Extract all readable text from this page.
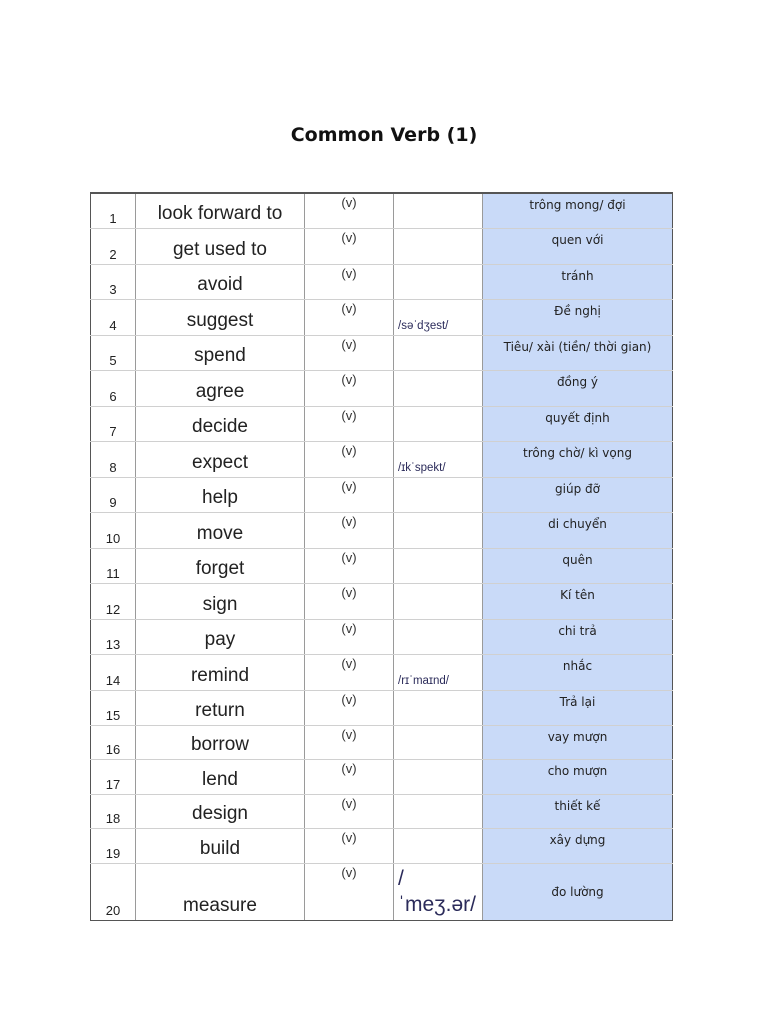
Common Verb (1)
1	look forward to	(v)		trông mong/ đợi

2	get used to	(v)		quen với

3	avoid	(v)		tránh

4	suggest	(v)	/səˈdʒest/	Đề nghị

5	spend	(v)		Tiêu/ xài (tiền/ thời gian)

6	agree	(v)		đồng ý

7	decide	(v)		quyết định

8	expect	(v)	/ɪkˈspekt/	trông chờ/ kì vọng

9	help	(v)		giúp đỡ

10	move	(v)		di chuyển

11	forget	(v)		quên

12	sign	(v)		Kí tên

13	pay	(v)		chi trả

14	remind	(v)	/rɪˈmaɪnd/	nhắc

15	return	(v)		Trả lại

16	borrow	(v)		vay mượn

17	lend	(v)		cho mượn

18	design	(v)		thiết kế

19	build	(v)		xây dựng

20	measure	(v)	/ ˈmeʒ.ər/	đo lường
